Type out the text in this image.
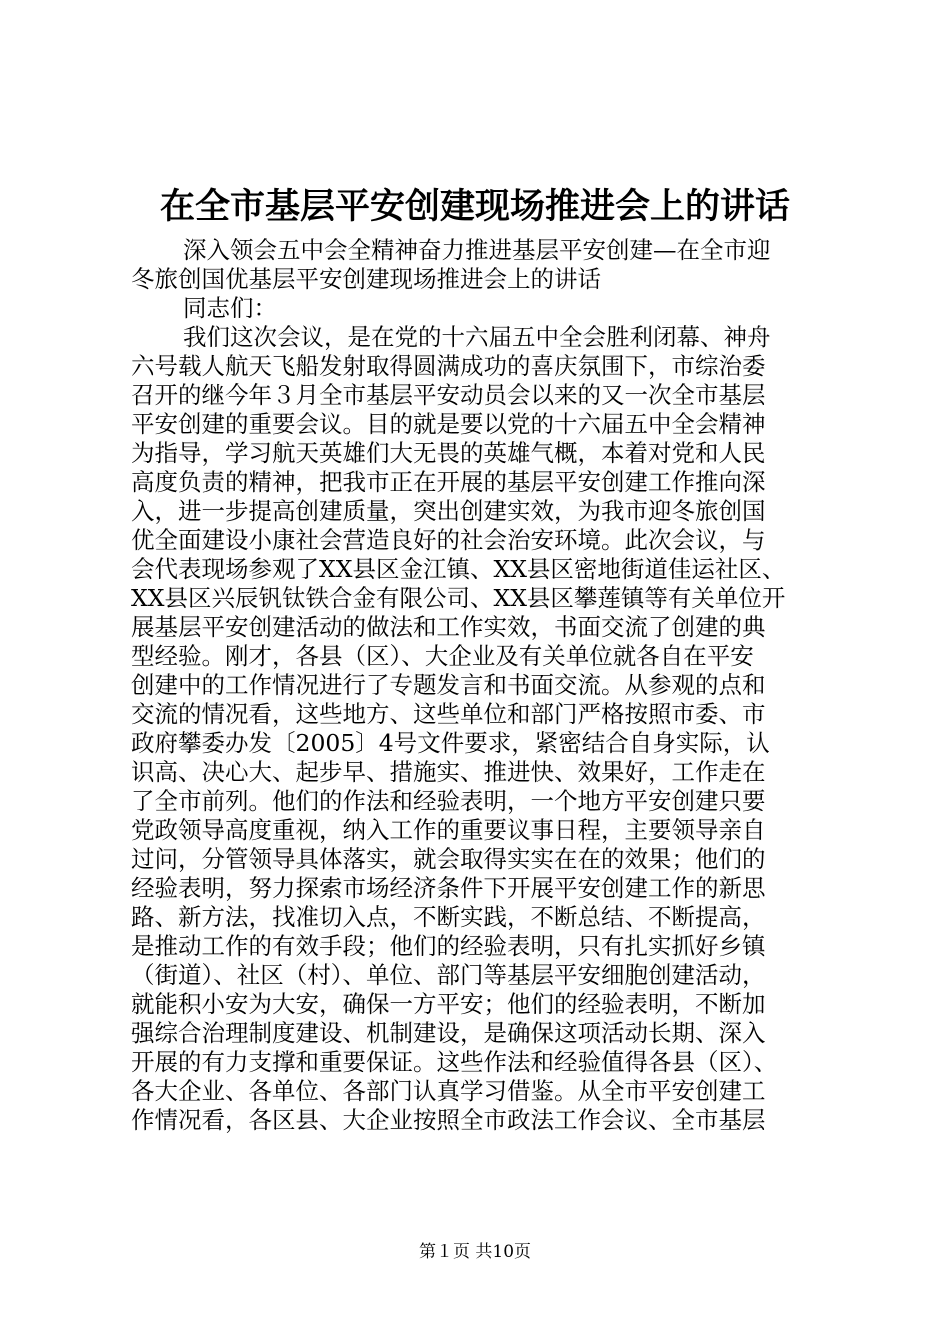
在全市基层平安创建现场推进会上的讲话
深入领会五中会全精神奋力推进基层平安创建—在全市迎
冬旅创国优基层平安创建现场推进会上的讲话
同志们：
我们这次会议，是在党的十六届五中全会胜利闭幕、神舟
六号载人航天飞船发射取得圆满成功的喜庆氛围下，市综治委
召开的继今年３月全市基层平安动员会以来的又一次全市基层
平安创建的重要会议。目的就是要以党的十六届五中全会精神
为指导，学习航天英雄们大无畏的英雄气概，本着对党和人民
高度负责的精神，把我市正在开展的基层平安创建工作推向深
入，进一步提高创建质量，突出创建实效，为我市迎冬旅创国
优全面建设小康社会营造良好的社会治安环境。此次会议，与
会代表现场参观了XX县区金江镇、XX县区密地街道佳运社区、
XX县区兴辰钒钛铁合金有限公司、XX县区攀莲镇等有关单位开
展基层平安创建活动的做法和工作实效，书面交流了创建的典
型经验。刚才，各县（区）、大企业及有关单位就各自在平安
创建中的工作情况进行了专题发言和书面交流。从参观的点和
交流的情况看，这些地方、这些单位和部门严格按照市委、市
政府攀委办发〔2005〕4号文件要求，紧密结合自身实际，认
识高、决心大、起步早、措施实、推进快、效果好，工作走在
了全市前列。他们的作法和经验表明，一个地方平安创建只要
党政领导高度重视，纳入工作的重要议事日程，主要领导亲自
过问，分管领导具体落实，就会取得实实在在的效果；他们的
经验表明，努力探索市场经济条件下开展平安创建工作的新思
路、新方法，找准切入点，不断实践，不断总结、不断提高，
是推动工作的有效手段；他们的经验表明，只有扎实抓好乡镇
（街道）、社区（村）、单位、部门等基层平安细胞创建活动，
就能积小安为大安，确保一方平安；他们的经验表明，不断加
强综合治理制度建设、机制建设，是确保这项活动长期、深入
开展的有力支撑和重要保证。这些作法和经验值得各县（区）、
各大企业、各单位、各部门认真学习借鉴。从全市平安创建工
作情况看，各区县、大企业按照全市政法工作会议、全市基层
第１页 共10页
